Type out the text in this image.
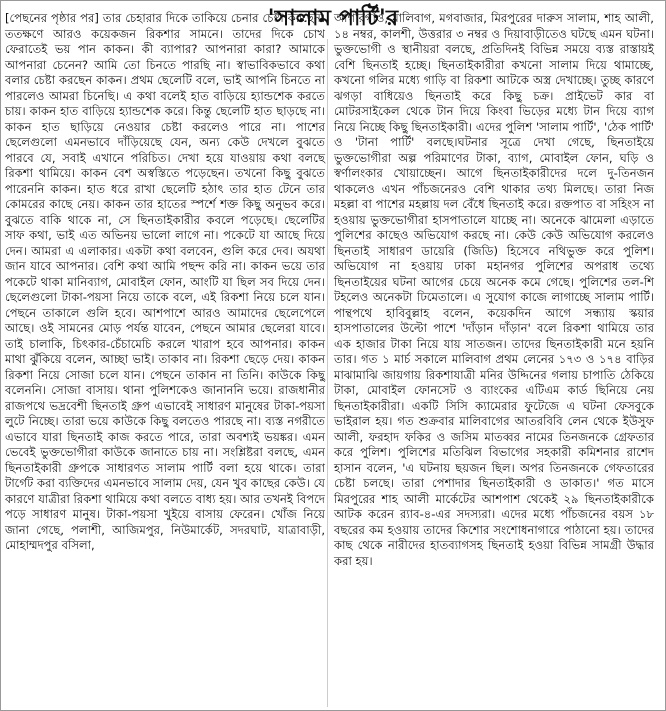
'সালাম পার্টি'র

[পেছনের পৃষ্ঠার পর] তার চেহারার দিকে তাকিয়ে চেনার চেষ্টা করছেন। ততক্ষণে আরও কয়েকজন রিকশার সামনে। তাদের দিকে চোখ ফেরাতেই ভয় পান কাকন। কী ব্যাপার? আপনারা কারা? আমাকে আপনারা চেনেন? আমি তো চিনতে পারছি না। স্বাভাবিকভাবে কথা বলার চেষ্টা করছেন কাকন। প্রথম ছেলেটি বলে, ভাই আপনি চিনতে না পারলেও আমরা চিনেছি। এ কথা বলেই হাত বাড়িয়ে হ্যান্ডশেক করতে চায়। কাকন হাত বাড়িয়ে হ্যান্ডশেক করে। কিন্তু ছেলেটি হাত ছাড়ছে না। কাকন হাত ছাড়িয়ে নেওয়ার চেষ্টা করলেও পারে না। পাশের ছেলেগুলো এমনভাবে দাঁড়িয়েছে যেন, অন্য কেউ দেখলে বুঝতে পারবে যে, সবাই এখানে পরিচিত। দেখা হয়ে যাওয়ায় কথা বলছে রিকশা থামিয়ে। কাকন বেশ অস্বস্তিতে পড়েছেন। তখনো কিছু বুঝতে পারেননি কাকন। হাত ধরে রাখা ছেলেটি হঠাৎ তার হাত টেনে তার কোমরের কাছে নেয়। কাকন তার হাতের স্পর্শে শক্ত কিছু অনুভব করে। বুঝতে বাকি থাকে না, সে ছিনতাইকারীর কবলে পড়েছে। ছেলেটির সাফ কথা, ভাই এত অভিনয় ভালো লাগে না। পকেটে যা আছে দিয়ে দেন। আমরা এ এলাকার। একটা কথা বলবেন, গুলি করে দেব। অযথা জান যাবে আপনার। বেশি কথা আমি পছন্দ করি না। কাকন ভয়ে তার পকেটে থাকা মানিব্যাগ, মোবাইল ফোন, আংটি যা ছিল সব দিয়ে দেন। ছেলেগুলো টাকা-পয়সা নিয়ে তাকে বলে, এই রিকশা নিয়ে চলে যান। পেছনে তাকালে গুলি হবে। আশপাশে আরও আমাদের ছেলেপেলে আছে। ওই সামনের মোড় পর্যন্ত যাবেন, পেছনে আমার ছেলেরা যাবে। তাই চালাকি, চিৎকার-চেঁচামেচি করলে খারাপ হবে আপনার। কাকন মাথা ঝুঁকিয়ে বলেন, আচ্ছা ভাই। তাকাব না। রিকশা ছেড়ে দেয়। কাকন রিকশা নিয়ে সোজা চলে যান। পেছনে তাকান না তিনি। কাউকে কিছু বলেননি। সোজা বাসায়। থানা পুলিশকেও জানাননি ভয়ে। রাজধানীর রাজপথে ভদ্রবেশী ছিনতাই গ্রুপ এভাবেই সাধারণ মানুষের টাকা-পয়সা লুটে নিচ্ছে। তারা ভয়ে কাউকে কিছু বলতেও পারছে না। ব্যস্ত নগরীতে এভাবে যারা ছিনতাই কাজ করতে পারে, তারা অবশ্যই ভয়ঙ্কর। এমন ভেবেই ভুক্তভোগীরা কাউকে জানাতে চায় না। সংশ্লিষ্টরা বলছে, এমন ছিনতাইকারী গ্রুপকে সাধারণত সালাম পার্টি বলা হয়ে থাকে। তারা টার্গেট করা ব্যক্তিদের এমনভাবে সালাম দেয়, যেন খুব কাছের কেউ। যে কারণে যাত্রীরা রিকশা থামিয়ে কথা বলতে বাধ্য হয়। আর তখনই বিপদে পড়ে সাধারণ মানুষ। টাকা-পয়সা খুইয়ে বাসায় ফেরেন। খোঁজ নিয়ে জানা গেছে, পলাশী, আজিমপুর, নিউমার্কেট, সদরঘাট, যাত্রাবাড়ী, মোহাম্মদপুর বসিলা,

আগারগাঁও, মালিবাগ, মগবাজার, মিরপুরের দারুস সালাম, শাহ আলী, ১৪ নম্বর, কালশী, উত্তরার ৩ নম্বর ও দিয়াবাড়ীতেও ঘটছে এমন ঘটনা। ভুক্তভোগী ও স্থানীয়রা বলছে, প্রতিদিনই বিভিন্ন সময়ে ব্যস্ত রাস্তায়ই বেশি ছিনতাই হচ্ছে। ছিনতাইকারীরা কখনো সালাম দিয়ে থামাচ্ছে, কখনো গলির মধ্যে গাড়ি বা রিকশা আটকে অস্ত্র দেখাচ্ছে। তুচ্ছ কারণে ঝগড়া বাধিয়েও ছিনতাই করে কিছু চক্র। প্রাইভেট কার বা মোটরসাইকেল থেকে টান দিয়ে কিংবা ভিড়ের মধ্যে টান দিয়ে ব্যাগ নিয়ে নিচ্ছে কিছু ছিনতাইকারী। এদের পুলিশ 'সালাম পার্টি', 'ঠেক পার্টি' ও 'টানা পার্টি' বলছে।ঘটনার সূত্রে দেখা গেছে, ছিনতাইয়ে ভুক্তভোগীরা অল্প পরিমাণের টাকা, ব্যাগ, মোবাইল ফোন, ঘড়ি ও স্বর্ণালংকার খোয়াচ্ছেন। আগে ছিনতাইকারীদের দলে দু-তিনজন থাকলেও এখন পাঁচজনেরও বেশি থাকার তথ্য মিলছে। তারা নিজ মহল্লা বা পাশের মহল্লায় দল বেঁধে ছিনতাই করে। রক্তপাত বা সহিংস না হওয়ায় ভুক্তভোগীরা হাসপাতালে যাচ্ছে না। অনেকে ঝামেলা এড়াতে পুলিশের কাছেও অভিযোগ করছে না। কেউ কেউ অভিযোগ করলেও ছিনতাই সাধারণ ডায়েরি (জিডি) হিসেবে নথিভুক্ত করে পুলিশ। অভিযোগ না হওয়ায় ঢাকা মহানগর পুলিশের অপরাধ তথ্যে ছিনতাইয়ের ঘটনা আগের চেয়ে অনেক কমে গেছে। পুলিশের তল-শি টহলেও অনেকটা ঢিমেতালে। এ সুযোগ কাজে লাগাচ্ছে সালাম পার্টি। পান্থপথে হাবিবুল্লাহ বলেন, কয়েকদিন আগে সন্ধ্যায় স্কয়ার হাসপাতালের উল্টো পাশে 'দাঁড়ান দাঁড়ান' বলে রিকশা থামিয়ে তার এক হাজার টাকা নিয়ে যায় সাতজন। তাদের ছিনতাইকারী মনে হয়নি তার। গত ১ মার্চ সকালে মালিবাগ প্রথম লেনের ১৭৩ ও ১৭৪ বাড়ির মাঝামাঝি জায়গায় রিকশাযাত্রী মনির উদ্দিনের গলায় চাপাতি ঠেকিয়ে টাকা, মোবাইল ফোনসেট ও ব্যাংকের এটিএম কার্ড ছিনিয়ে নেয় ছিনতাইকারীরা। একটি সিসি ক্যামেরার ফুটেজে এ ঘটনা ফেসবুকে ভাইরাল হয়। গত শুক্রবার মালিবাগের আতরবিবি লেন থেকে ইউসুফ আলী, ফরহাদ ফকির ও জসিম মাতব্বর নামের তিনজনকে গ্রেফতার করে পুলিশ। পুলিশের মতিঝিল বিভাগের সহকারী কমিশনার রাশেদ হাসান বলেন, 'এ ঘটনায় ছয়জন ছিল। অপর তিনজনকে গেফতারের চেষ্টা চলছে। তারা পেশাদার ছিনতাইকারী ও ডাকাত।' গত মাসে মিরপুরের শাহ আলী মার্কেটের আশপাশ থেকেই ২৯ ছিনতাইকারীকে আটক করেন র‍্যাব-৪-এর সদস্যরা। এদের মধ্যে পাঁচজনের বয়স ১৮ বছরের কম হওয়ায় তাদের কিশোর সংশোধনাগারে পাঠানো হয়। তাদের কাছ থেকে নারীদের হাতব্যাগসহ ছিনতাই হওয়া বিভিন্ন সামগ্রী উদ্ধার করা হয়।
